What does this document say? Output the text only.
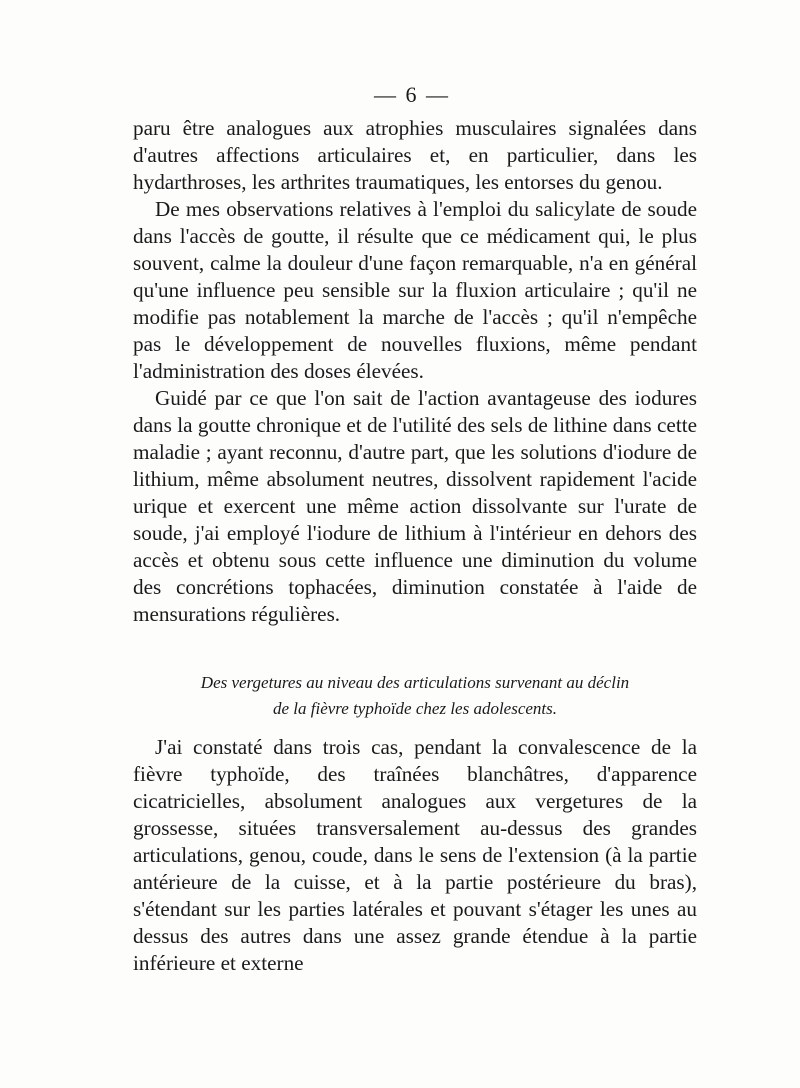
— 6 —

paru être analogues aux atrophies musculaires signalées dans d'autres affections articulaires et, en particulier, dans les hydarthroses, les arthrites traumatiques, les entorses du genou.

De mes observations relatives à l'emploi du salicylate de soude dans l'accès de goutte, il résulte que ce médicament qui, le plus souvent, calme la douleur d'une façon remarquable, n'a en général qu'une influence peu sensible sur la fluxion articulaire ; qu'il ne modifie pas notablement la marche de l'accès ; qu'il n'empêche pas le développement de nouvelles fluxions, même pendant l'administration des doses élevées.

Guidé par ce que l'on sait de l'action avantageuse des iodures dans la goutte chronique et de l'utilité des sels de lithine dans cette maladie ; ayant reconnu, d'autre part, que les solutions d'iodure de lithium, même absolument neutres, dissolvent rapidement l'acide urique et exercent une même action dissolvante sur l'urate de soude, j'ai employé l'iodure de lithium à l'intérieur en dehors des accès et obtenu sous cette influence une diminution du volume des concrétions tophacées, diminution constatée à l'aide de mensurations régulières.

Des vergetures au niveau des articulations survenant au déclin
de la fièvre typhoïde chez les adolescents.

J'ai constaté dans trois cas, pendant la convalescence de la fièvre typhoïde, des traînées blanchâtres, d'apparence cicatricielles, absolument analogues aux vergetures de la grossesse, situées transversalement au-dessus des grandes articulations, genou, coude, dans le sens de l'extension (à la partie antérieure de la cuisse, et à la partie postérieure du bras), s'étendant sur les parties latérales et pouvant s'étager les unes au dessus des autres dans une assez grande étendue à la partie inférieure et externe
